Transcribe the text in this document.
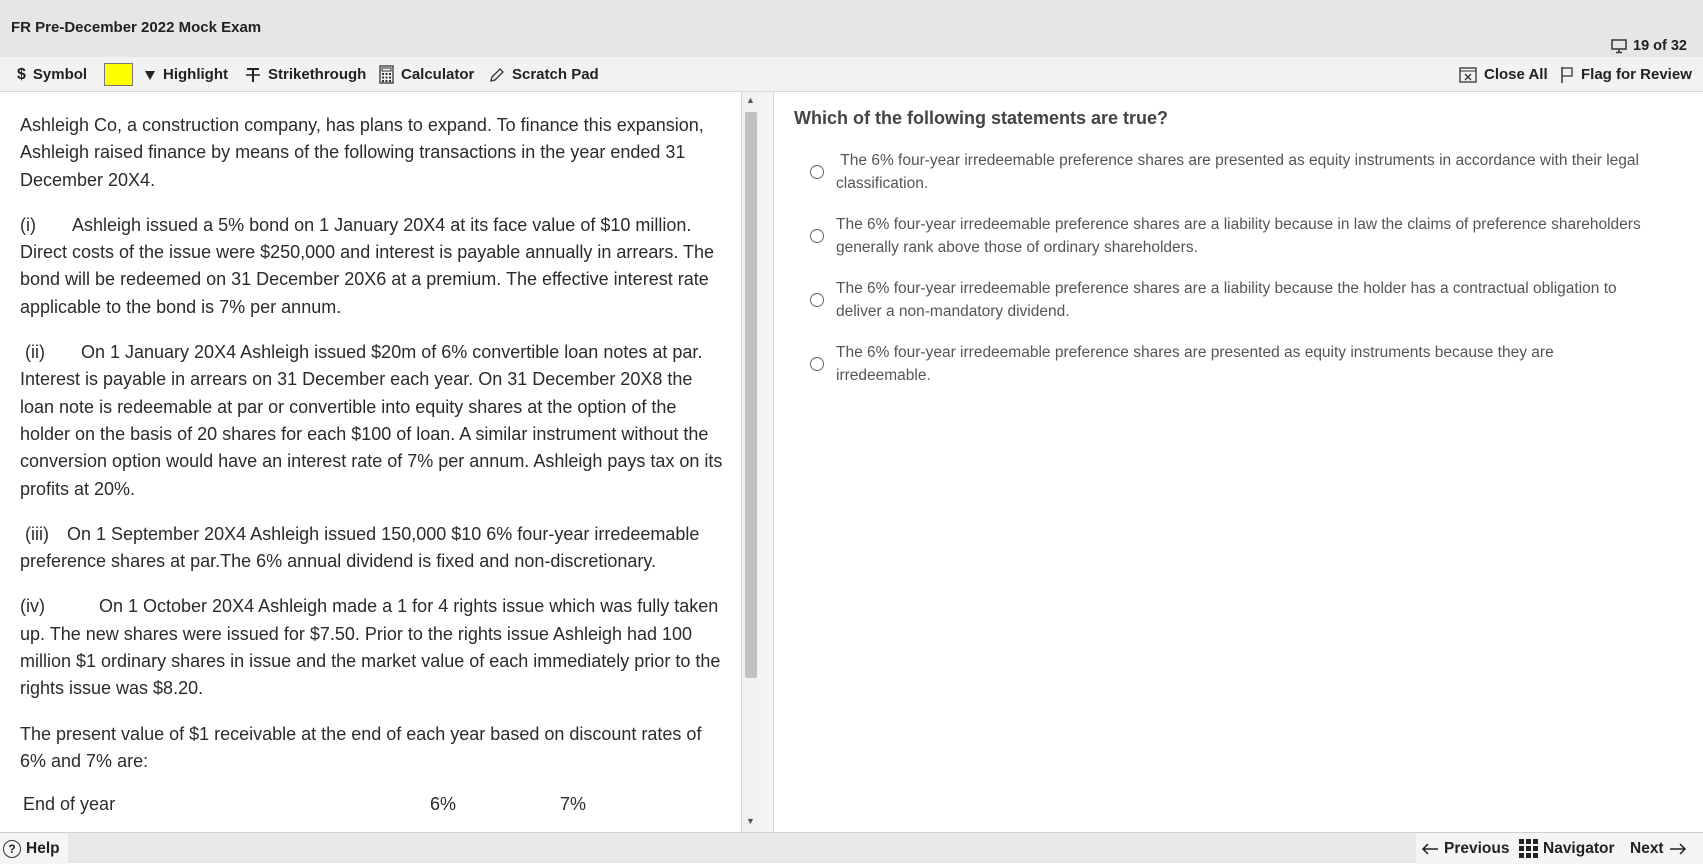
FR Pre-December 2022 Mock Exam
19 of 32
$ Symbol	Highlight	Strikethrough Calculator	Scratch Pad	Close All Flag for Review

Ashleigh Co, a construction company, has plans to expand. To finance this expansion, Ashleigh raised finance by means of the following transactions in the year ended 31 December 20X4.

(i)  Ashleigh issued a 5% bond on 1 January 20X4 at its face value of $10 million. Direct costs of the issue were $250,000 and interest is payable annually in arrears. The bond will be redeemed on 31 December 20X6 at a premium. The effective interest rate applicable to the bond is 7% per annum.

(ii)  On 1 January 20X4 Ashleigh issued $20m of 6% convertible loan notes at par. Interest is payable in arrears on 31 December each year. On 31 December 20X8 the loan note is redeemable at par or convertible into equity shares at the option of the holder on the basis of 20 shares for each $100 of loan. A similar instrument without the conversion option would have an interest rate of 7% per annum. Ashleigh pays tax on its profits at 20%.

(iii) On 1 September 20X4 Ashleigh issued 150,000 $10 6% four-year irredeemable preference shares at par.The 6% annual dividend is fixed and non-discretionary.

(iv)   On 1 October 20X4 Ashleigh made a 1 for 4 rights issue which was fully taken up. The new shares were issued for $7.50. Prior to the rights issue Ashleigh had 100 million $1 ordinary shares in issue and the market value of each immediately prior to the rights issue was $8.20.

The present value of $1 receivable at the end of each year based on discount rates of 6% and 7% are:

End of year	6%	7%
▲
▼
Which of the following statements are true?
The 6% four-year irredeemable preference shares are presented as equity instruments in accordance with their legal classification.
The 6% four-year irredeemable preference shares are a liability because in law the claims of preference shareholders generally rank above those of ordinary shareholders.
The 6% four-year irredeemable preference shares are a liability because the holder has a contractual obligation to deliver a non-mandatory dividend.
The 6% four-year irredeemable preference shares are presented as equity instruments because they are irredeemable.
? Help	Previous Navigator Next
